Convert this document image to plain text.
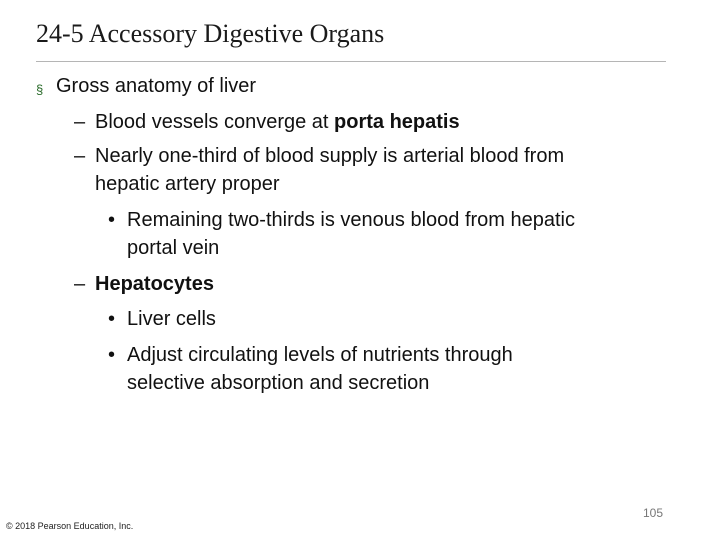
24-5 Accessory Digestive Organs
§ Gross anatomy of liver
– Blood vessels converge at porta hepatis
– Nearly one-third of blood supply is arterial blood from
hepatic artery proper
• Remaining two-thirds is venous blood from hepatic
portal vein
– Hepatocytes
• Liver cells
• Adjust circulating levels of nutrients through
selective absorption and secretion
105
© 2018 Pearson Education, Inc.
